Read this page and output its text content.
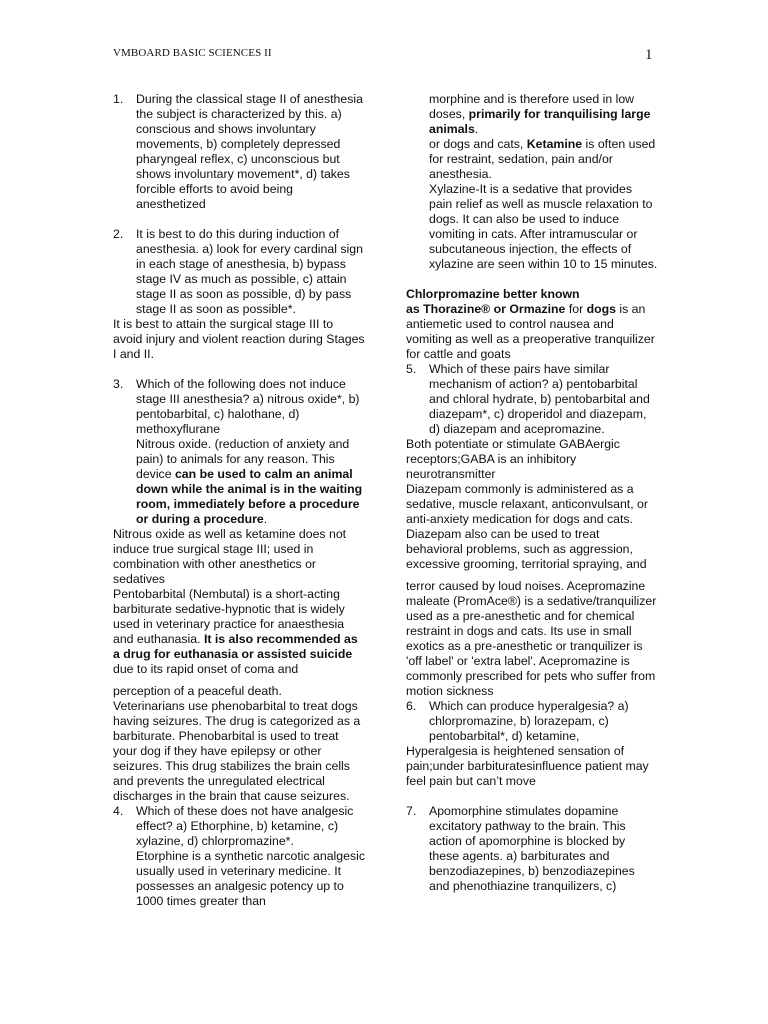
VMBOARD BASIC SCIENCES II	1
1. During the classical stage II of anesthesia the subject is characterized by this. a) conscious and shows involuntary movements, b) completely depressed pharyngeal reflex, c) unconscious but shows involuntary movement*, d) takes forcible efforts to avoid being anesthetized
2. It is best to do this during induction of anesthesia. a) look for every cardinal sign in each stage of anesthesia, b) bypass stage IV as much as possible, c) attain stage II as soon as possible, d) by pass stage II as soon as possible*.
It is best to attain the surgical stage III to avoid injury and violent reaction during Stages I and II.
3. Which of the following does not induce stage III anesthesia? a) nitrous oxide*, b) pentobarbital, c) halothane, d) methoxyflurane
Nitrous oxide. (reduction of anxiety and pain) to animals for any reason. This device can be used to calm an animal down while the animal is in the waiting room, immediately before a procedure or during a procedure.
Nitrous oxide as well as ketamine does not induce true surgical stage III; used in combination with other anesthetics or sedatives
Pentobarbital (Nembutal) is a short-acting barbiturate sedative-hypnotic that is widely used in veterinary practice for anaesthesia and euthanasia. It is also recommended as a drug for euthanasia or assisted suicide due to its rapid onset of coma and
perception of a peaceful death.
Veterinarians use phenobarbital to treat dogs having seizures. The drug is categorized as a barbiturate. Phenobarbital is used to treat your dog if they have epilepsy or other seizures. This drug stabilizes the brain cells and prevents the unregulated electrical discharges in the brain that cause seizures.
4. Which of these does not have analgesic effect? a) Ethorphine, b) ketamine, c) xylazine, d) chlorpromazine*.
Etorphine is a synthetic narcotic analgesic usually used in veterinary medicine. It possesses an analgesic potency up to 1000 times greater than
morphine and is therefore used in low doses, primarily for tranquilising large animals.
or dogs and cats, Ketamine is often used for restraint, sedation, pain and/or anesthesia.
Xylazine-It is a sedative that provides pain relief as well as muscle relaxation to dogs. It can also be used to induce vomiting in cats. After intramuscular or subcutaneous injection, the effects of xylazine are seen within 10 to 15 minutes.
Chlorpromazine better known
as Thorazine® or Ormazine for dogs is an antiemetic used to control nausea and vomiting as well as a preoperative tranquilizer for cattle and goats
5. Which of these pairs have similar mechanism of action? a) pentobarbital and chloral hydrate, b) pentobarbital and diazepam*, c) droperidol and diazepam, d) diazepam and acepromazine.
Both potentiate or stimulate GABAergic receptors;GABA is an inhibitory neurotransmitter
Diazepam commonly is administered as a sedative, muscle relaxant, anticonvulsant, or anti-anxiety medication for dogs and cats. Diazepam also can be used to treat behavioral problems, such as aggression, excessive grooming, territorial spraying, and
terror caused by loud noises. Acepromazine maleate (PromAce®) is a sedative/tranquilizer used as a pre-anesthetic and for chemical restraint in dogs and cats. Its use in small exotics as a pre-anesthetic or tranquilizer is 'off label' or 'extra label'. Acepromazine is commonly prescribed for pets who suffer from motion sickness
6. Which can produce hyperalgesia? a) chlorpromazine, b) lorazepam, c) pentobarbital*, d) ketamine,
Hyperalgesia is heightened sensation of pain;under barbituratesinfluence patient may feel pain but can’t move
7. Apomorphine stimulates dopamine excitatory pathway to the brain. This action of apomorphine is blocked by these agents. a) barbiturates and benzodiazepines, b) benzodiazepines and phenothiazine tranquilizers, c)
